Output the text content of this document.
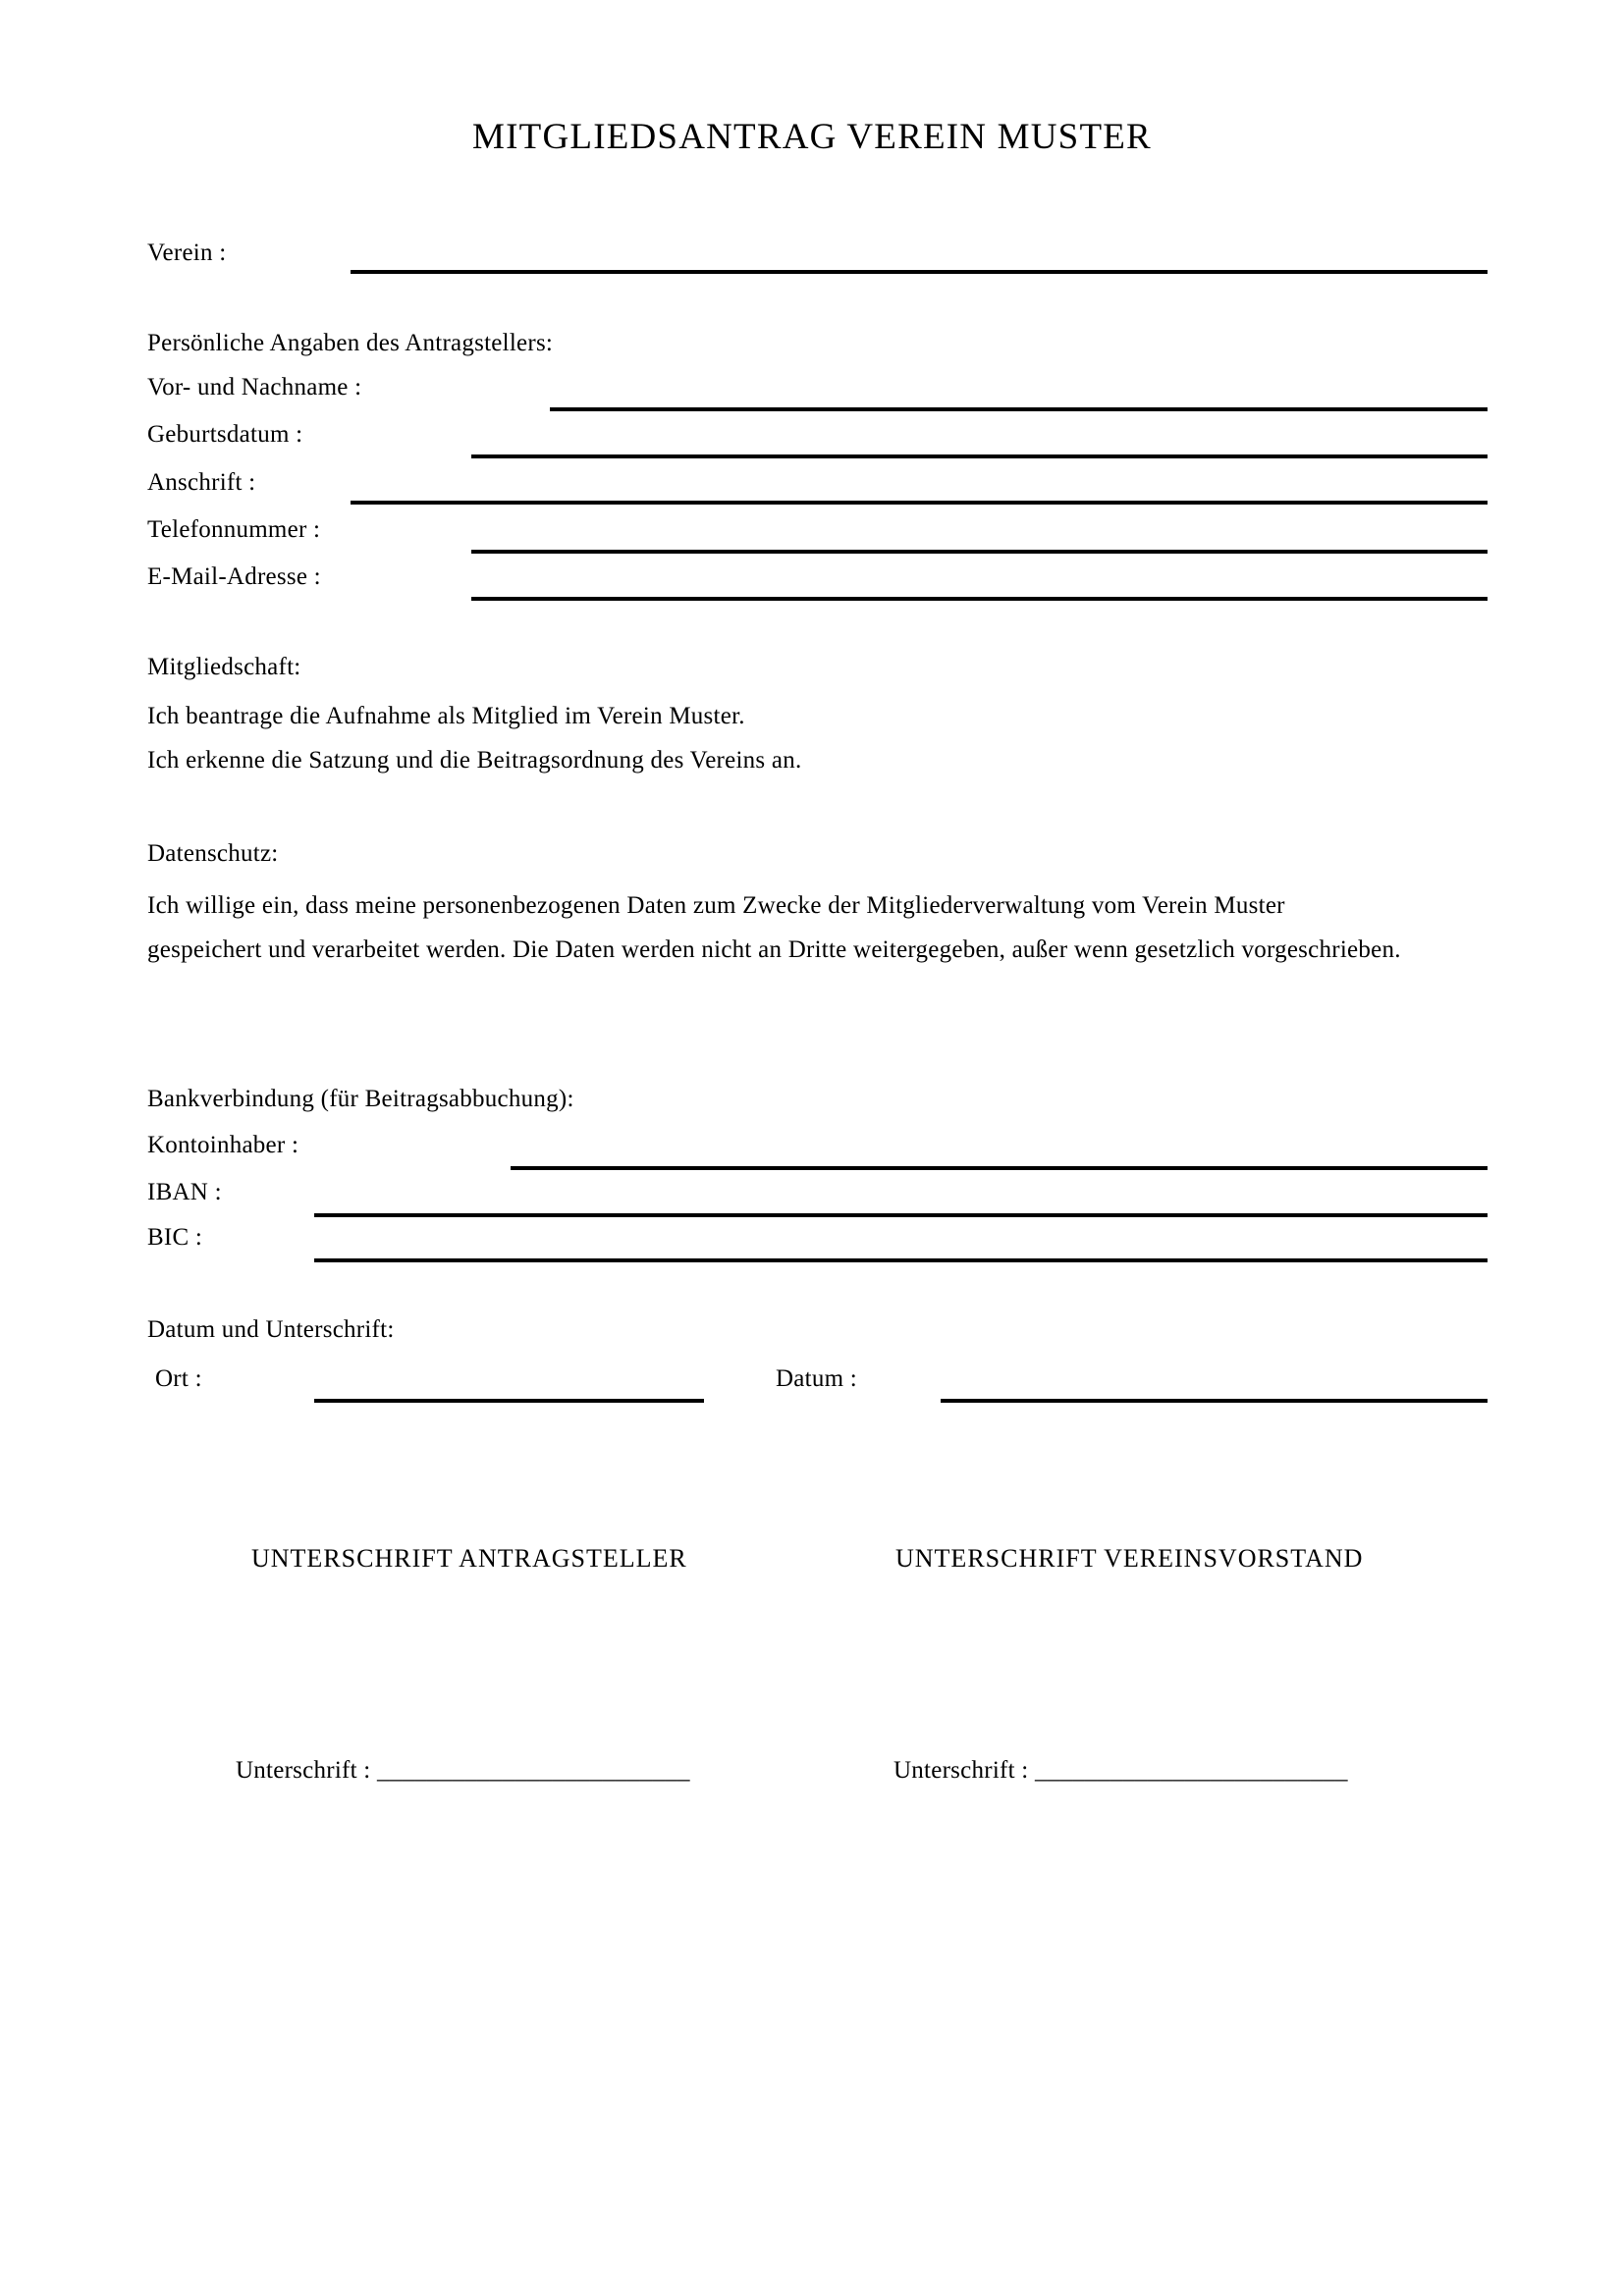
MITGLIEDSANTRAG VEREIN MUSTER
Verein :
Persönliche Angaben des Antragstellers:
Vor- und Nachname :
Geburtsdatum :
Anschrift :
Telefonnummer :
E-Mail-Adresse :
Mitgliedschaft:
Ich beantrage die Aufnahme als Mitglied im Verein Muster.
Ich erkenne die Satzung und die Beitragsordnung des Vereins an.
Datenschutz:
Ich willige ein, dass meine personenbezogenen Daten zum Zwecke der Mitgliederverwaltung vom Verein Muster gespeichert und verarbeitet werden. Die Daten werden nicht an Dritte weitergegeben, außer wenn gesetzlich vorgeschrieben.
Bankverbindung (für Beitragsabbuchung):
Kontoinhaber :
IBAN :
BIC :
Datum und Unterschrift:
Ort :	Datum :
UNTERSCHRIFT ANTRAGSTELLER	UNTERSCHRIFT VEREINSVORSTAND
Unterschrift : _________________________	Unterschrift : _________________________
